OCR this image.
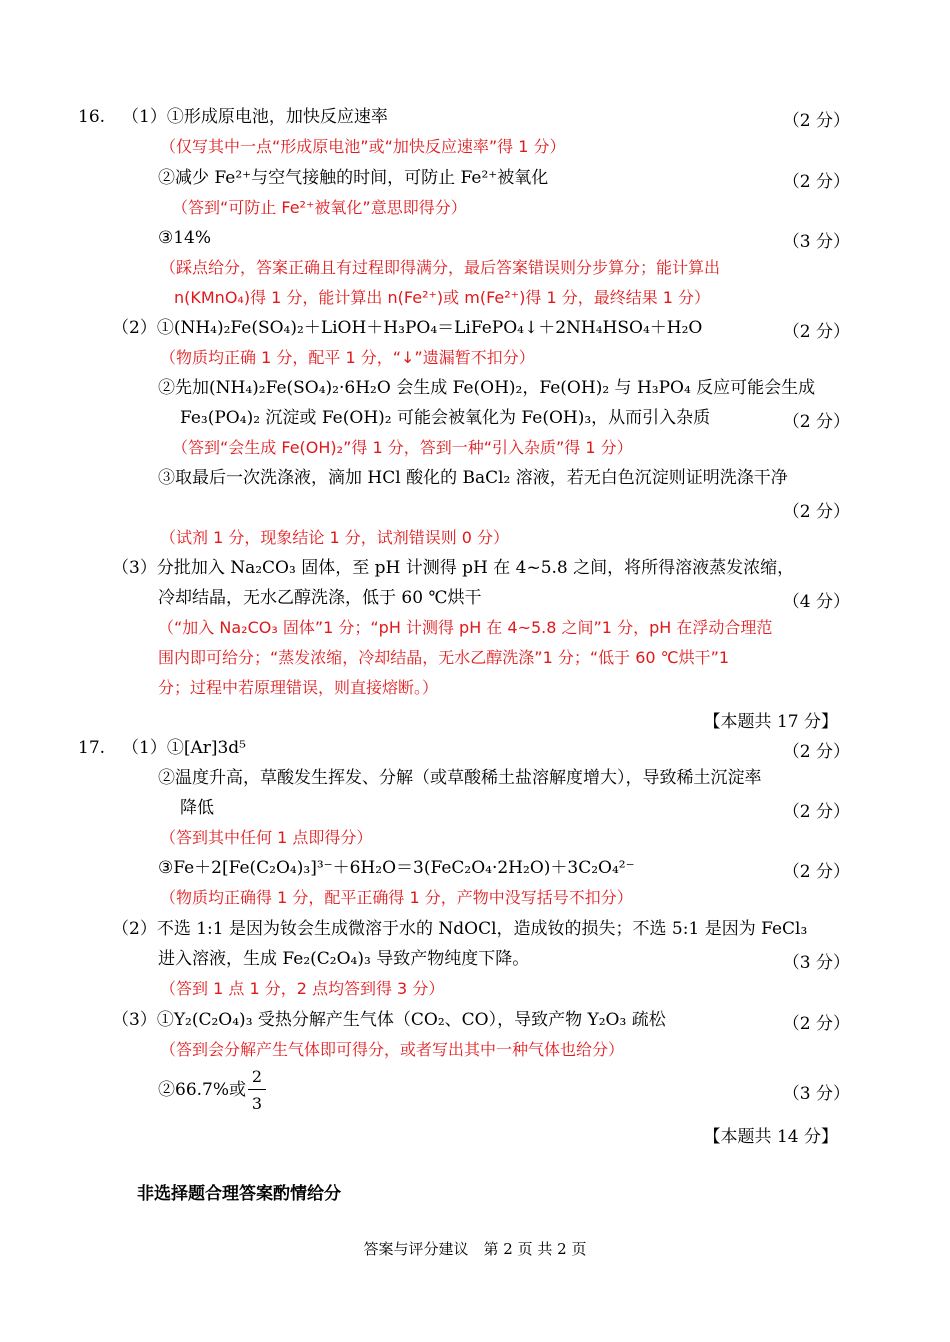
16. （1）①形成原电池，加快反应速率
（仅写其中一点“形成原电池”或“加快反应速率”得 1 分）
②减少 Fe²⁺与空气接触的时间，可防止 Fe²⁺被氧化
（答到“可防止 Fe²⁺被氧化”意思即得分）
③14%
（踩点给分，答案正确且有过程即得满分，最后答案错误则分步算分；能计算出
n(KMnO₄)得 1 分，能计算出 n(Fe²⁺)或 m(Fe²⁺)得 1 分，最终结果 1 分）
（2）①(NH₄)₂Fe(SO₄)₂＋LiOH＋H₃PO₄＝LiFePO₄↓＋2NH₄HSO₄＋H₂O
（物质均正确 1 分，配平 1 分，“↓”遗漏暂不扣分）
②先加(NH₄)₂Fe(SO₄)₂·6H₂O 会生成 Fe(OH)₂，Fe(OH)₂ 与 H₃PO₄ 反应可能会生成
Fe₃(PO₄)₂ 沉淀或 Fe(OH)₂ 可能会被氧化为 Fe(OH)₃，从而引入杂质
（答到“会生成 Fe(OH)₂”得 1 分，答到一种“引入杂质”得 1 分）
③取最后一次洗涤液，滴加 HCl 酸化的 BaCl₂ 溶液，若无白色沉淀则证明洗涤干净
（试剂 1 分，现象结论 1 分，试剂错误则 0 分）
（3）分批加入 Na₂CO₃ 固体，至 pH 计测得 pH 在 4~5.8 之间，将所得溶液蒸发浓缩，
冷却结晶，无水乙醇洗涤，低于 60 ℃烘干
（“加入 Na₂CO₃ 固体”1 分；“pH 计测得 pH 在 4~5.8 之间”1 分，pH 在浮动合理范
围内即可给分；“蒸发浓缩，冷却结晶，无水乙醇洗涤”1 分；“低于 60 ℃烘干”1
分；过程中若原理错误，则直接熔断。）
17. （1）①[Ar]3d⁵
②温度升高，草酸发生挥发、分解（或草酸稀土盐溶解度增大），导致稀土沉淀率
降低
（答到其中任何 1 点即得分）
③Fe＋2[Fe(C₂O₄)₃]³⁻＋6H₂O＝3(FeC₂O₄·2H₂O)＋3C₂O₄²⁻
（物质均正确得 1 分，配平正确得 1 分，产物中没写括号不扣分）
（2）不选 1:1 是因为钕会生成微溶于水的 NdOCl，造成钕的损失；不选 5:1 是因为 FeCl₃
进入溶液，生成 Fe₂(C₂O₄)₃ 导致产物纯度下降。
（答到 1 点 1 分，2 点均答到得 3 分）
（3）①Y₂(C₂O₄)₃ 受热分解产生气体（CO₂、CO），导致产物 Y₂O₃ 疏松
（答到会分解产生气体即可得分，或者写出其中一种气体也给分）
②66.7%或
（2 分）
（2 分）
（3 分）
（2 分）
（2 分）
（2 分）
（4 分）
（2 分）
（2 分）
（2 分）
（3 分）
（2 分）
（3 分）
【本题共 17 分】
【本题共 14 分】
2
3
非选择题合理答案酌情给分
答案与评分建议　第 2 页 共 2 页
